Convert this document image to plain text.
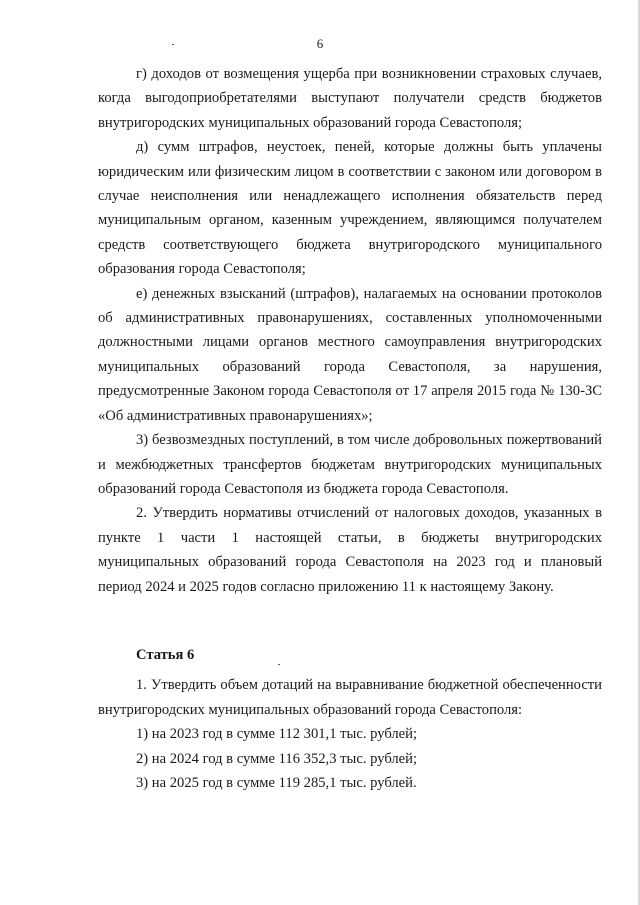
6

г) доходов от возмещения ущерба при возникновении страховых случаев, когда выгодоприобретателями выступают получатели средств бюджетов внутригородских муниципальных образований города Севастополя;

д) сумм штрафов, неустоек, пеней, которые должны быть уплачены юридическим или физическим лицом в соответствии с законом или договором в случае неисполнения или ненадлежащего исполнения обязательств перед муниципальным органом, казенным учреждением, являющимся получателем средств соответствующего бюджета внутригородского муниципального образования города Севастополя;

е) денежных взысканий (штрафов), налагаемых на основании протоколов об административных правонарушениях, составленных уполномоченными должностными лицами органов местного самоуправления внутригородских муниципальных образований города Севастополя, за нарушения, предусмотренные Законом города Севастополя от 17 апреля 2015 года № 130-ЗС «Об административных правонарушениях»;

3) безвозмездных поступлений, в том числе добровольных пожертвований и межбюджетных трансфертов бюджетам внутригородских муниципальных образований города Севастополя из бюджета города Севастополя.

2. Утвердить нормативы отчислений от налоговых доходов, указанных в пункте 1 части 1 настоящей статьи, в бюджеты внутригородских муниципальных образований города Севастополя на 2023 год и плановый период 2024 и 2025 годов согласно приложению 11 к настоящему Закону.

Статья 6

1. Утвердить объем дотаций на выравнивание бюджетной обеспеченности внутригородских муниципальных образований города Севастополя:

1) на 2023 год в сумме 112 301,1 тыс. рублей;

2) на 2024 год в сумме 116 352,3 тыс. рублей;

3) на 2025 год в сумме 119 285,1 тыс. рублей.
